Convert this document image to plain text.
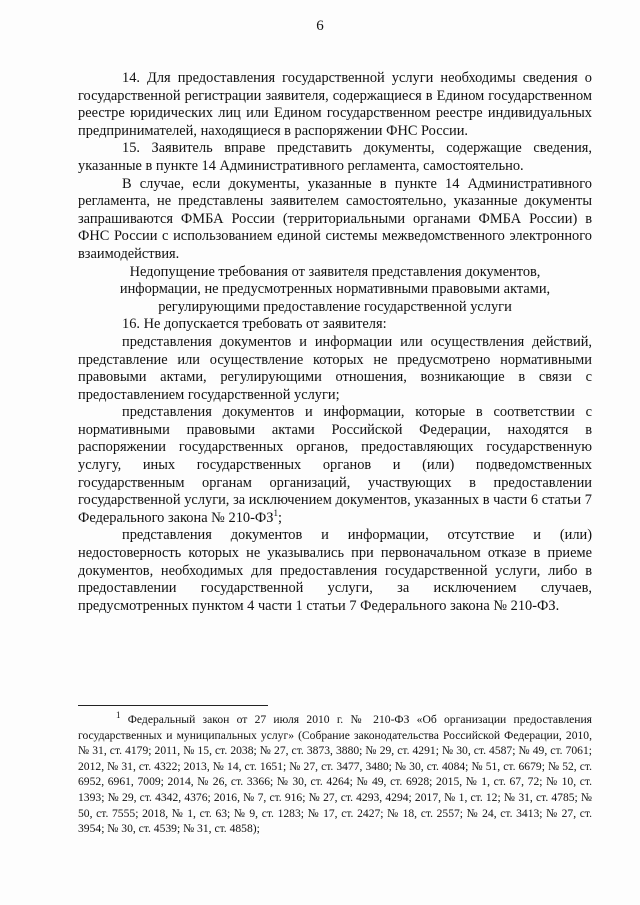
6

14. Для предоставления государственной услуги необходимы сведения о государственной регистрации заявителя, содержащиеся в Едином государственном реестре юридических лиц или Едином государственном реестре индивидуальных предпринимателей, находящиеся в распоряжении ФНС России.

15. Заявитель вправе представить документы, содержащие сведения, указанные в пункте 14 Административного регламента, самостоятельно.

В случае, если документы, указанные в пункте 14 Административного регламента, не представлены заявителем самостоятельно, указанные документы запрашиваются ФМБА России (территориальными органами ФМБА России) в ФНС России с использованием единой системы межведомственного электронного взаимодействия.

Недопущение требования от заявителя представления документов,
информации, не предусмотренных нормативными правовыми актами,
регулирующими предоставление государственной услуги

16. Не допускается требовать от заявителя:

представления документов и информации или осуществления действий, представление или осуществление которых не предусмотрено нормативными правовыми актами, регулирующими отношения, возникающие в связи с предоставлением государственной услуги;

представления документов и информации, которые в соответствии с нормативными правовыми актами Российской Федерации, находятся в распоряжении государственных органов, предоставляющих государственную услугу, иных государственных органов и (или) подведомственных государственным органам организаций, участвующих в предоставлении государственной услуги, за исключением документов, указанных в части 6 статьи 7 Федерального закона № $210-ФЗ^1$;

представления документов и информации, отсутствие и (или) недостоверность которых не указывались при первоначальном отказе в приеме документов, необходимых для предоставления государственной услуги, либо в предоставлении государственной услуги, за исключением случаев, предусмотренных пунктом 4 части 1 статьи 7 Федерального закона № 210-ФЗ.

$^1$ Федеральный закон от 27 июля 2010 г. № 210-ФЗ «Об организации предоставления государственных и муниципальных услуг» (Собрание законодательства Российской Федерации, 2010, № 31, ст. 4179; 2011, № 15, ст. 2038; № 27, ст. 3873, 3880; № 29, ст. 4291; № 30, ст. 4587; № 49, ст. 7061; 2012, № 31, ст. 4322; 2013, № 14, ст. 1651; № 27, ст. 3477, 3480; № 30, ст. 4084; № 51, ст. 6679; № 52, ст. 6952, 6961, 7009; 2014, № 26, ст. 3366; № 30, ст. 4264; № 49, ст. 6928; 2015, № 1, ст. 67, 72; № 10, ст. 1393; № 29, ст. 4342, 4376; 2016, № 7, ст. 916; № 27, ст. 4293, 4294; 2017, № 1, ст. 12; № 31, ст. 4785; № 50, ст. 7555; 2018, № 1, ст. 63; № 9, ст. 1283; № 17, ст. 2427; № 18, ст. 2557; № 24, ст. 3413; № 27, ст. 3954; № 30, ст. 4539; № 31, ст. 4858);
